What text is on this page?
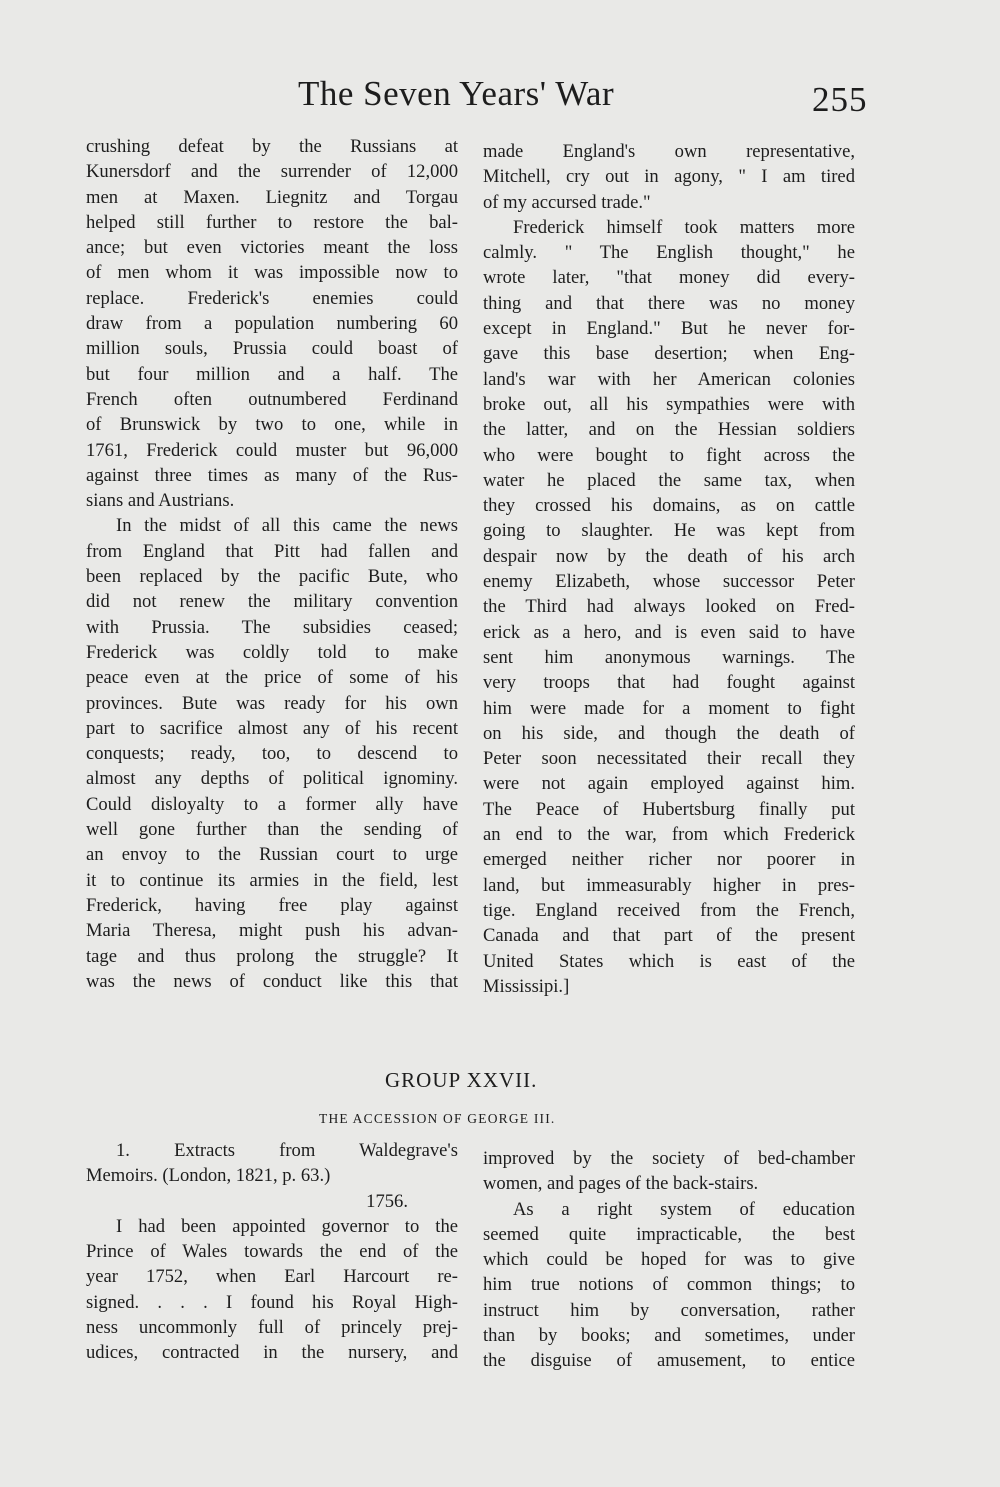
The Seven Years' War	255
crushing defeat by the Russians at
Kunersdorf and the surrender of 12,000
men at Maxen. Liegnitz and Torgau
helped still further to restore the bal-
ance; but even victories meant the loss
of men whom it was impossible now to
replace. Frederick's enemies could
draw from a population numbering 60
million souls, Prussia could boast of
but four million and a half. The
French often outnumbered Ferdinand
of Brunswick by two to one, while in
1761, Frederick could muster but 96,000
against three times as many of the Rus-
sians and Austrians.
In the midst of all this came the news
from England that Pitt had fallen and
been replaced by the pacific Bute, who
did not renew the military convention
with Prussia. The subsidies ceased;
Frederick was coldly told to make
peace even at the price of some of his
provinces. Bute was ready for his own
part to sacrifice almost any of his recent
conquests; ready, too, to descend to
almost any depths of political ignominy.
Could disloyalty to a former ally have
well gone further than the sending of
an envoy to the Russian court to urge
it to continue its armies in the field, lest
Frederick, having free play against
Maria Theresa, might push his advan-
tage and thus prolong the struggle? It
was the news of conduct like this that
made England's own representative,
Mitchell, cry out in agony, " I am tired
of my accursed trade."
Frederick himself took matters more
calmly. " The English thought," he
wrote later, "that money did every-
thing and that there was no money
except in England." But he never for-
gave this base desertion; when Eng-
land's war with her American colonies
broke out, all his sympathies were with
the latter, and on the Hessian soldiers
who were bought to fight across the
water he placed the same tax, when
they crossed his domains, as on cattle
going to slaughter. He was kept from
despair now by the death of his arch
enemy Elizabeth, whose successor Peter
the Third had always looked on Fred-
erick as a hero, and is even said to have
sent him anonymous warnings. The
very troops that had fought against
him were made for a moment to fight
on his side, and though the death of
Peter soon necessitated their recall they
were not again employed against him.
The Peace of Hubertsburg finally put
an end to the war, from which Frederick
emerged neither richer nor poorer in
land, but immeasurably higher in pres-
tige. England received from the French,
Canada and that part of the present
United States which is east of the
Mississipi.]
GROUP XXVII.
THE ACCESSION OF GEORGE III.
1. Extracts from Waldegrave's
Memoirs. (London, 1821, p. 63.)
1756.
I had been appointed governor to the
Prince of Wales towards the end of the
year 1752, when Earl Harcourt re-
signed. . . . I found his Royal High-
ness uncommonly full of princely prej-
udices, contracted in the nursery, and
improved by the society of bed-chamber
women, and pages of the back-stairs.
As a right system of education
seemed quite impracticable, the best
which could be hoped for was to give
him true notions of common things; to
instruct him by conversation, rather
than by books; and sometimes, under
the disguise of amusement, to entice
